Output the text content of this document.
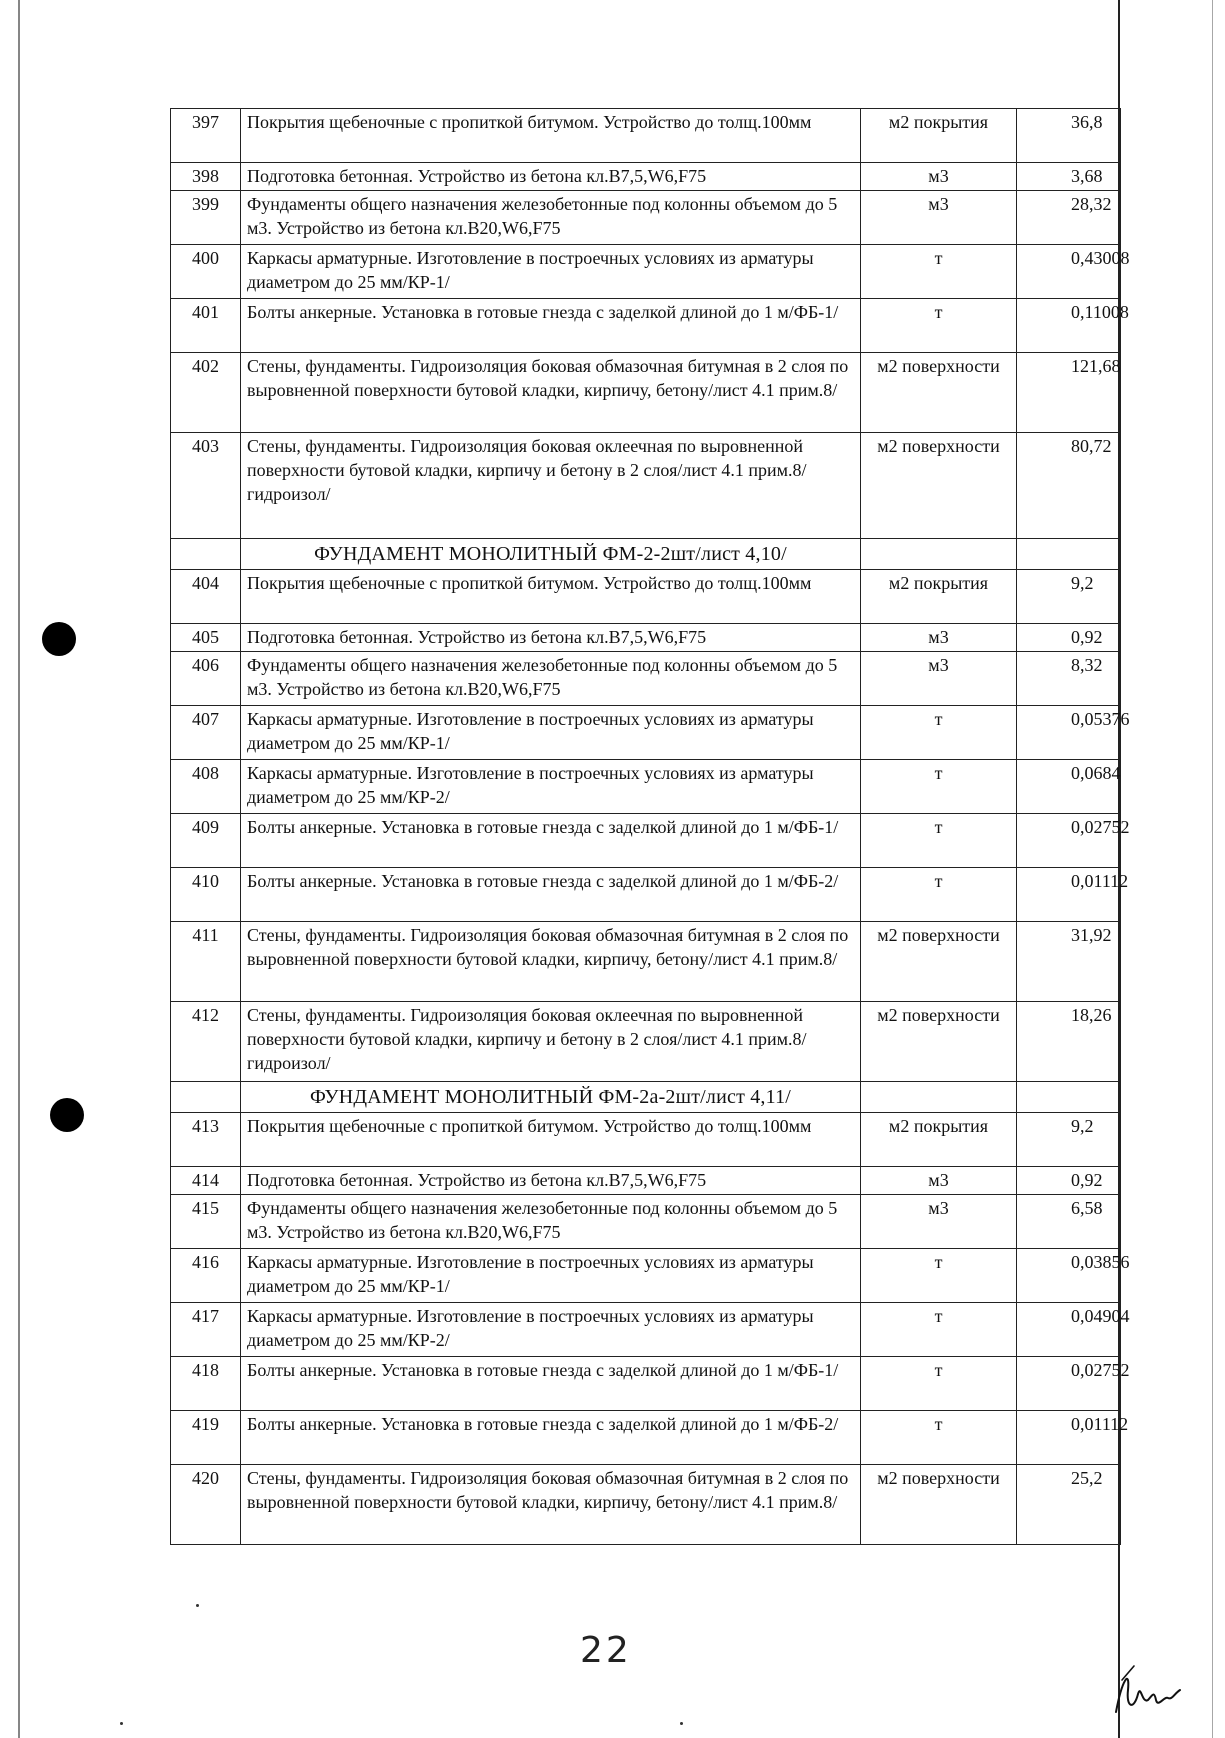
397	Покрытия щебеночные с пропиткой битумом. Устройство до толщ.100мм	м2 покрытия	36,8
398	Подготовка бетонная. Устройство из бетона кл.В7,5,W6,F75	м3	3,68
399	Фундаменты общего назначения железобетонные под колонны объемом до 5 м3. Устройство из бетона кл.В20,W6,F75	м3	28,32
400	Каркасы арматурные. Изготовление в построечных условиях из арматуры диаметром до 25 мм/КР-1/	т	0,43008
401	Болты анкерные. Установка в готовые гнезда с заделкой длиной до 1 м/ФБ-1/	т	0,11008
402	Стены, фундаменты. Гидроизоляция боковая обмазочная битумная в 2 слоя по выровненной поверхности бутовой кладки, кирпичу, бетону/лист 4.1 прим.8/	м2 поверхности	121,68
403	Стены, фундаменты. Гидроизоляция боковая оклеечная по выровненной поверхности бутовой кладки, кирпичу и бетону в 2 слоя/лист 4.1 прим.8/гидроизол/	м2 поверхности	80,72
	ФУНДАМЕНТ МОНОЛИТНЫЙ ФМ-2-2шт/лист 4,10/		
404	Покрытия щебеночные с пропиткой битумом. Устройство до толщ.100мм	м2 покрытия	9,2
405	Подготовка бетонная. Устройство из бетона кл.В7,5,W6,F75	м3	0,92
406	Фундаменты общего назначения железобетонные под колонны объемом до 5 м3. Устройство из бетона кл.В20,W6,F75	м3	8,32
407	Каркасы арматурные. Изготовление в построечных условиях из арматуры диаметром до 25 мм/КР-1/	т	0,05376
408	Каркасы арматурные. Изготовление в построечных условиях из арматуры диаметром до 25 мм/КР-2/	т	0,0684
409	Болты анкерные. Установка в готовые гнезда с заделкой длиной до 1 м/ФБ-1/	т	0,02752
410	Болты анкерные. Установка в готовые гнезда с заделкой длиной до 1 м/ФБ-2/	т	0,01112
411	Стены, фундаменты. Гидроизоляция боковая обмазочная битумная в 2 слоя по выровненной поверхности бутовой кладки, кирпичу, бетону/лист 4.1 прим.8/	м2 поверхности	31,92
412	Стены, фундаменты. Гидроизоляция боковая оклеечная по выровненной поверхности бутовой кладки, кирпичу и бетону в 2 слоя/лист 4.1 прим.8/гидроизол/	м2 поверхности	18,26
	ФУНДАМЕНТ МОНОЛИТНЫЙ ФМ-2а-2шт/лист 4,11/		
413	Покрытия щебеночные с пропиткой битумом. Устройство до толщ.100мм	м2 покрытия	9,2
414	Подготовка бетонная. Устройство из бетона кл.В7,5,W6,F75	м3	0,92
415	Фундаменты общего назначения железобетонные под колонны объемом до 5 м3. Устройство из бетона кл.В20,W6,F75	м3	6,58
416	Каркасы арматурные. Изготовление в построечных условиях из арматуры диаметром до 25 мм/КР-1/	т	0,03856
417	Каркасы арматурные. Изготовление в построечных условиях из арматуры диаметром до 25 мм/КР-2/	т	0,04904
418	Болты анкерные. Установка в готовые гнезда с заделкой длиной до 1 м/ФБ-1/	т	0,02752
419	Болты анкерные. Установка в готовые гнезда с заделкой длиной до 1 м/ФБ-2/	т	0,01112
420	Стены, фундаменты. Гидроизоляция боковая обмазочная битумная в 2 слоя по выровненной поверхности бутовой кладки, кирпичу, бетону/лист 4.1 прим.8/	м2 поверхности	25,2
22
